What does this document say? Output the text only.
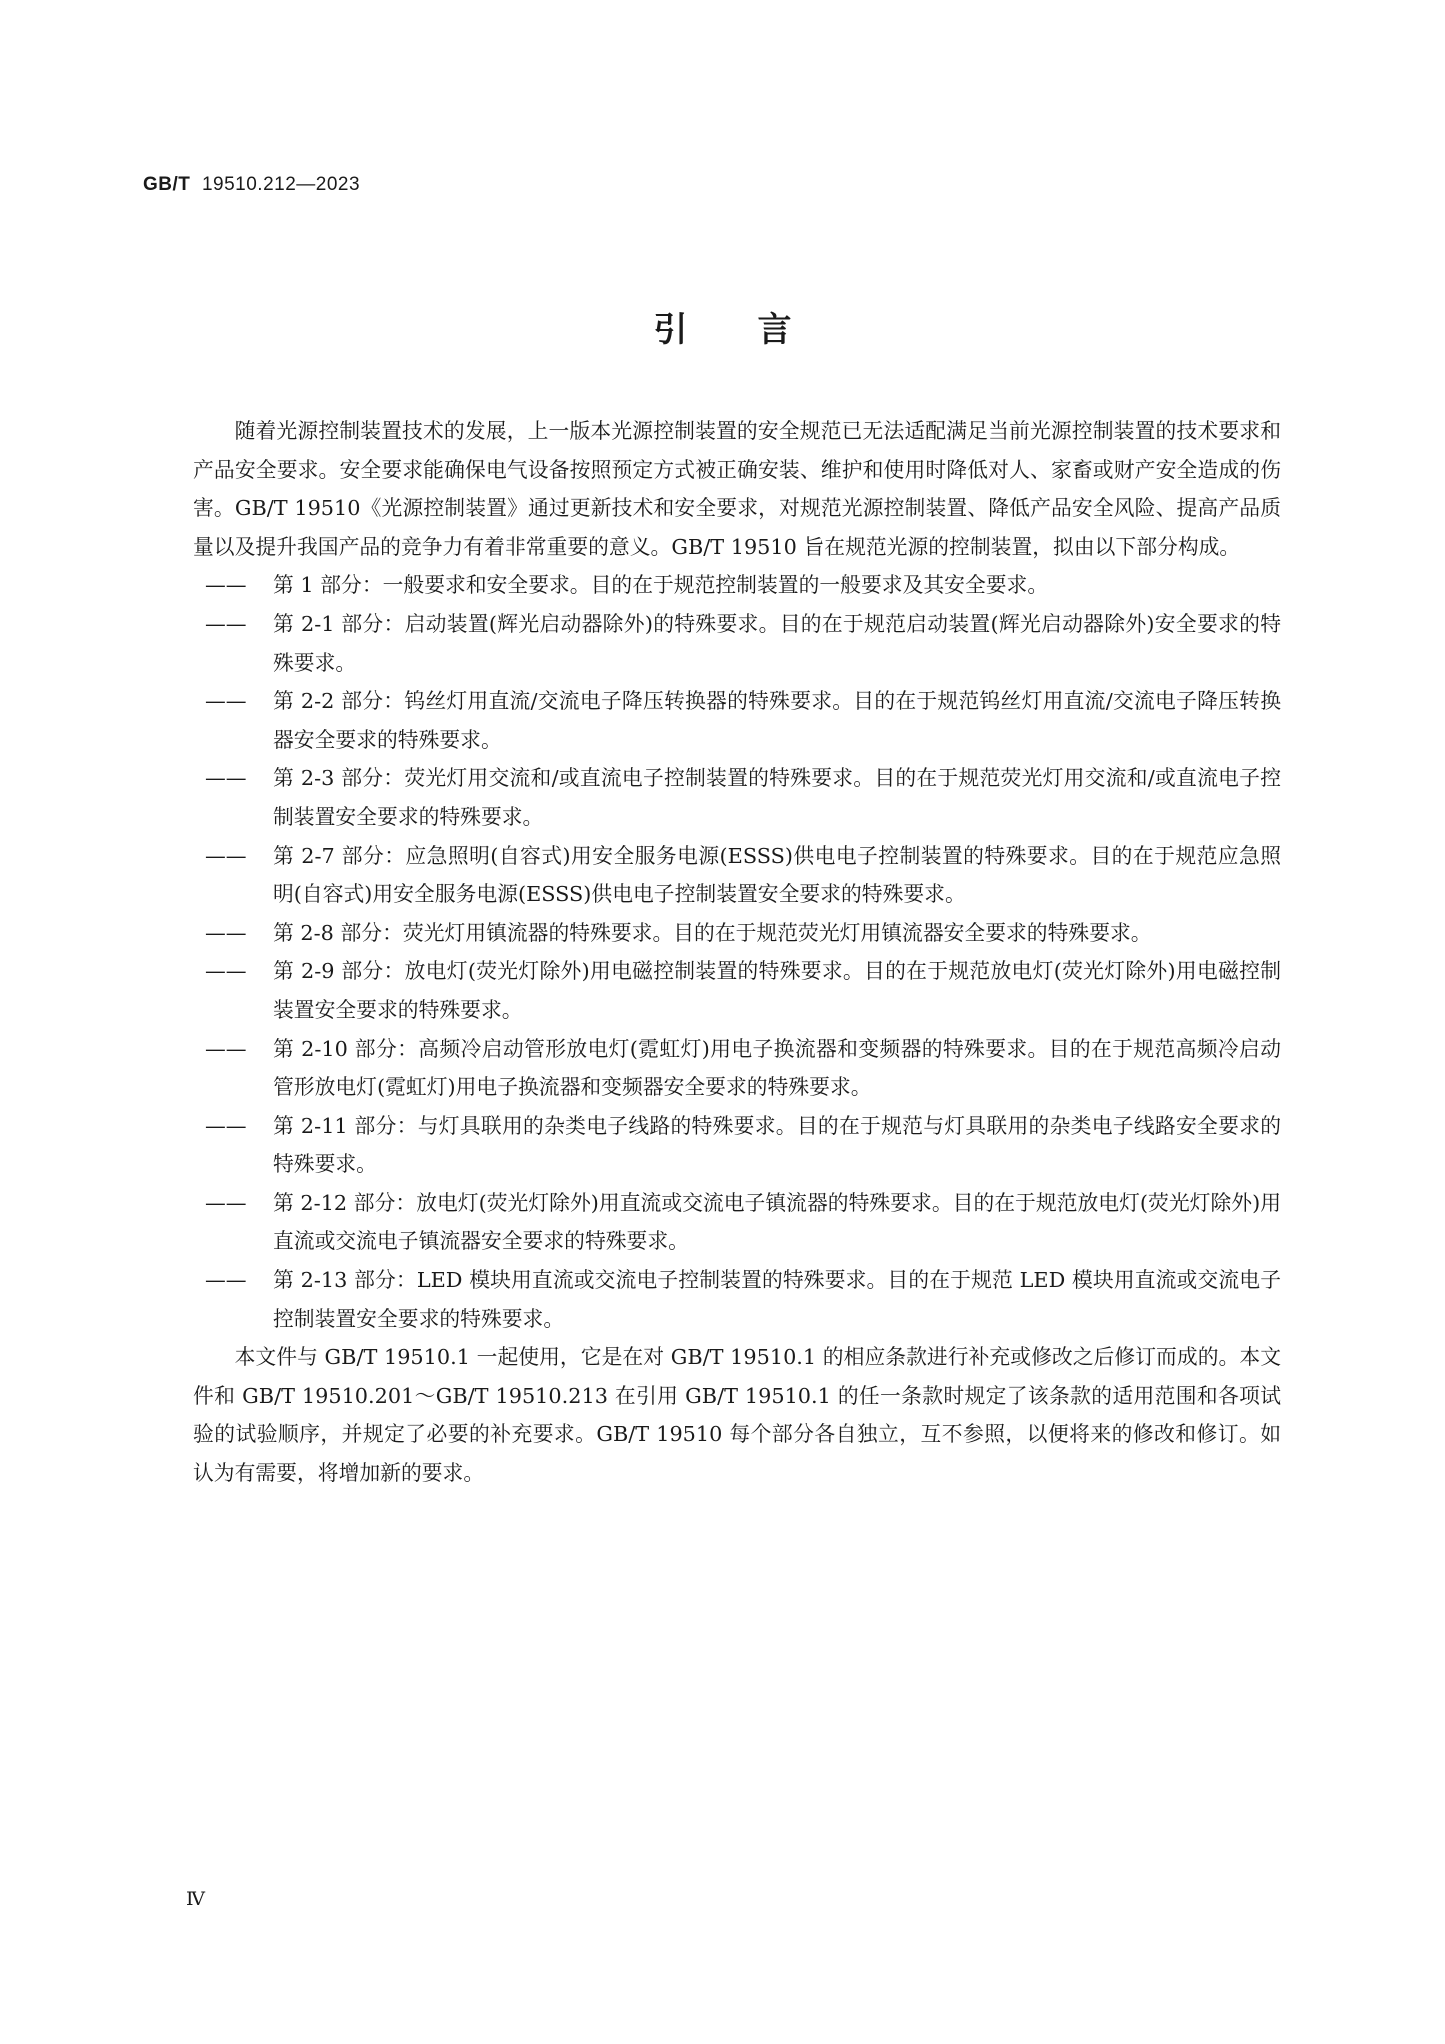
GB/T 19510.212—2023
引言

随着光源控制装置技术的发展，上一版本光源控制装置的安全规范已无法适配满足当前光源控制装置的技术要求和产品安全要求。安全要求能确保电气设备按照预定方式被正确安装、维护和使用时降低对人、家畜或财产安全造成的伤害。GB/T 19510《光源控制装置》通过更新技术和安全要求，对规范光源控制装置、降低产品安全风险、提高产品质量以及提升我国产品的竞争力有着非常重要的意义。GB/T 19510 旨在规范光源的控制装置，拟由以下部分构成。

——	第 1 部分：一般要求和安全要求。目的在于规范控制装置的一般要求及其安全要求。
——	第 2-1 部分：启动装置(辉光启动器除外)的特殊要求。目的在于规范启动装置(辉光启动器除外)安全要求的特殊要求。
——	第 2-2 部分：钨丝灯用直流/交流电子降压转换器的特殊要求。目的在于规范钨丝灯用直流/交流电子降压转换器安全要求的特殊要求。
——	第 2-3 部分：荧光灯用交流和/或直流电子控制装置的特殊要求。目的在于规范荧光灯用交流和/或直流电子控制装置安全要求的特殊要求。
——	第 2-7 部分：应急照明(自容式)用安全服务电源(ESSS)供电电子控制装置的特殊要求。目的在于规范应急照明(自容式)用安全服务电源(ESSS)供电电子控制装置安全要求的特殊要求。
——	第 2-8 部分：荧光灯用镇流器的特殊要求。目的在于规范荧光灯用镇流器安全要求的特殊要求。
——	第 2-9 部分：放电灯(荧光灯除外)用电磁控制装置的特殊要求。目的在于规范放电灯(荧光灯除外)用电磁控制装置安全要求的特殊要求。
——	第 2-10 部分：高频冷启动管形放电灯(霓虹灯)用电子换流器和变频器的特殊要求。目的在于规范高频冷启动管形放电灯(霓虹灯)用电子换流器和变频器安全要求的特殊要求。
——	第 2-11 部分：与灯具联用的杂类电子线路的特殊要求。目的在于规范与灯具联用的杂类电子线路安全要求的特殊要求。
——	第 2-12 部分：放电灯(荧光灯除外)用直流或交流电子镇流器的特殊要求。目的在于规范放电灯(荧光灯除外)用直流或交流电子镇流器安全要求的特殊要求。
——	第 2-13 部分：LED 模块用直流或交流电子控制装置的特殊要求。目的在于规范 LED 模块用直流或交流电子控制装置安全要求的特殊要求。

本文件与 GB/T 19510.1 一起使用，它是在对 GB/T 19510.1 的相应条款进行补充或修改之后修订而成的。本文件和 GB/T 19510.201～GB/T 19510.213 在引用 GB/T 19510.1 的任一条款时规定了该条款的适用范围和各项试验的试验顺序，并规定了必要的补充要求。GB/T 19510 每个部分各自独立，互不参照，以便将来的修改和修订。如认为有需要，将增加新的要求。

Ⅳ
